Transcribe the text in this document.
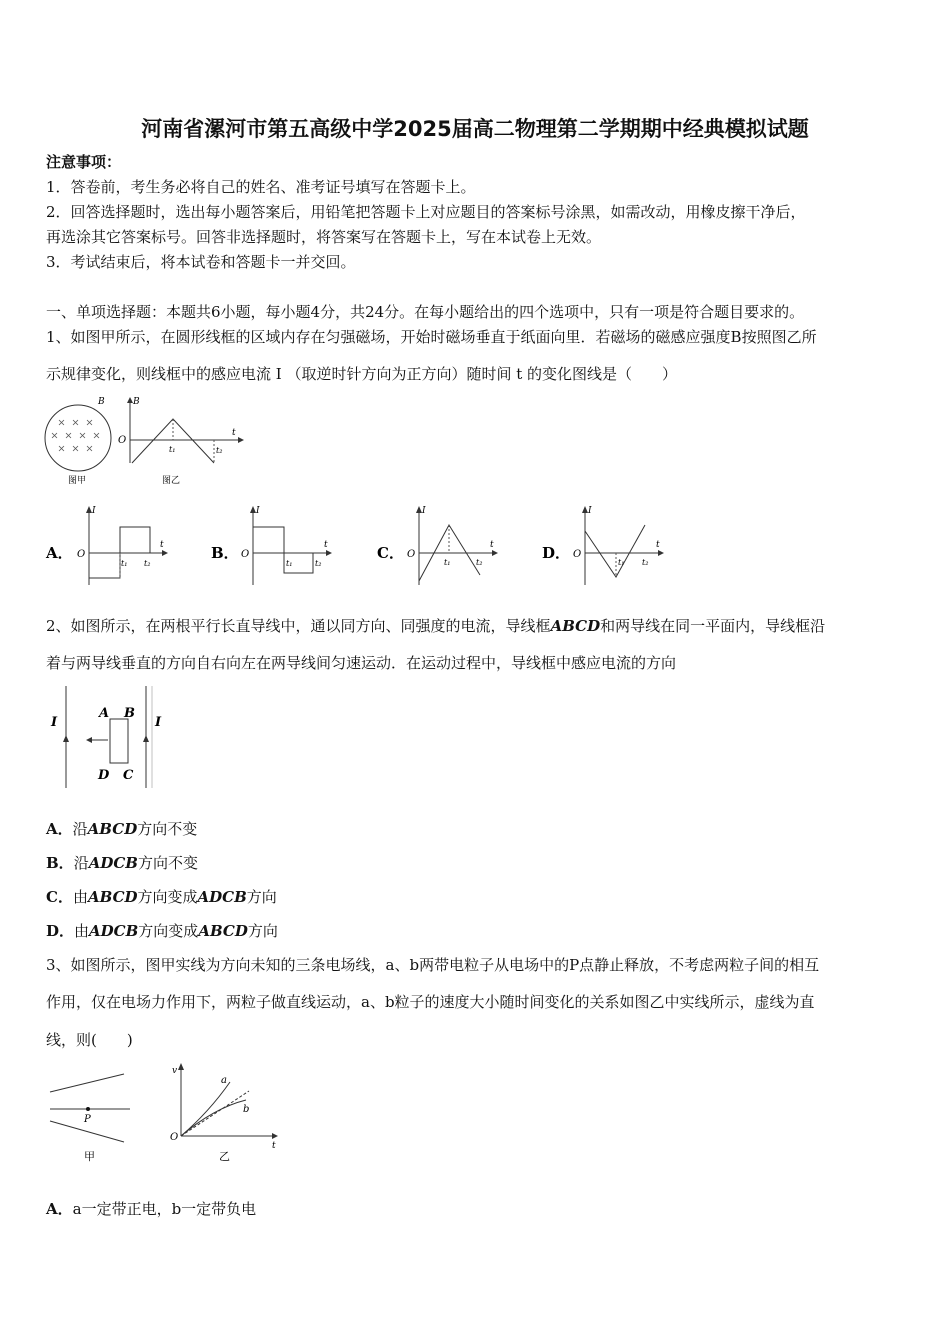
河南省漯河市第五高级中学2025届高二物理第二学期期中经典模拟试题
注意事项：
1．答卷前，考生务必将自己的姓名、准考证号填写在答题卡上。
2．回答选择题时，选出每小题答案后，用铅笔把答题卡上对应题目的答案标号涂黑，如需改动，用橡皮擦干净后，
再选涂其它答案标号。回答非选择题时，将答案写在答题卡上，写在本试卷上无效。
3．考试结束后，将本试卷和答题卡一并交回。
一、单项选择题：本题共6小题，每小题4分，共24分。在每小题给出的四个选项中，只有一项是符合题目要求的。
1、如图甲所示，在圆形线框的区域内存在匀强磁场，开始时磁场垂直于纸面向里．若磁场的磁感应强度B按照图乙所
示规律变化，则线框中的感应电流 I （取逆时针方向为正方向）随时间 t 的变化图线是（　　）
B
图甲
B
O
t
t₁	t₂
图乙
A．
I
O
t
t₁ t₂
B．
I
O
t
t₁	t₂
C．
I
O
t
t₁	t₂
D．
I
O
t
t₁ t₂
2、如图所示，在两根平行长直导线中，通以同方向、同强度的电流，导线框ABCD和两导线在同一平面内，导线框沿
着与两导线垂直的方向自右向左在两导线间匀速运动．在运动过程中，导线框中感应电流的方向
I	I
A B
D C
A．沿ABCD方向不变
B．沿ADCB方向不变
C．由ABCD方向变成ADCB方向
D．由ADCB方向变成ABCD方向
3、如图所示，图甲实线为方向未知的三条电场线，a、b两带电粒子从电场中的P点静止释放，不考虑两粒子间的相互
作用，仅在电场力作用下，两粒子做直线运动，a、b粒子的速度大小随时间变化的关系如图乙中实线所示，虚线为直
线，则(　　)
P
甲
v
O
t
a
b
乙
A．a一定带正电，b一定带负电
